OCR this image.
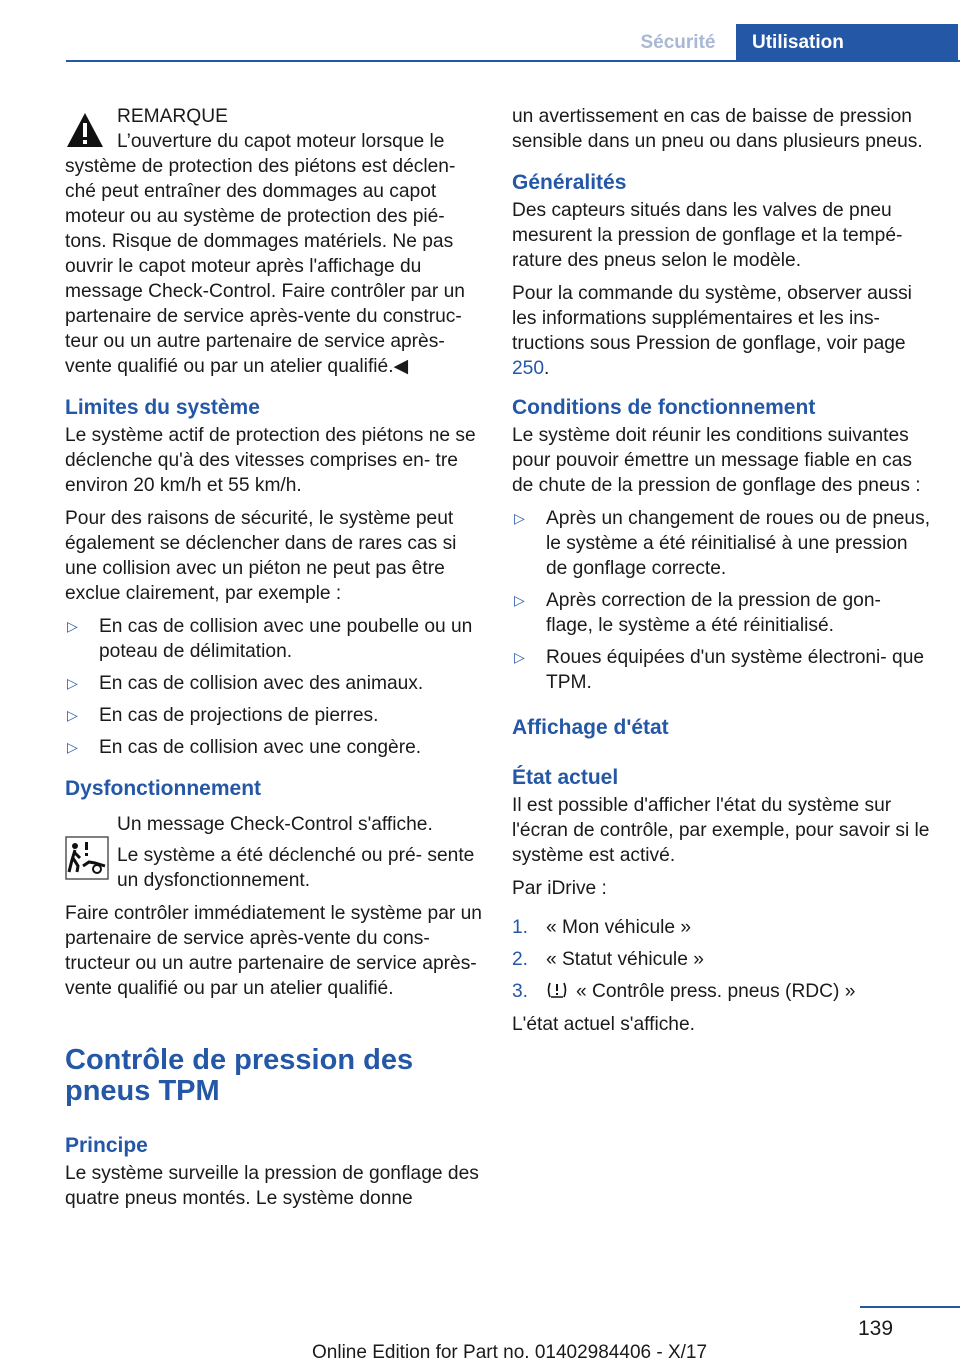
Sécurité	Utilisation

REMARQUE

L’ouverture du capot moteur lorsque le

système de protection des piétons est déclen- ché peut entraîner des dommages au capot moteur ou au système de protection des pié- tons. Risque de dommages matériels. Ne pas ouvrir le capot moteur après l'affichage du message Check-Control. Faire contrôler par un partenaire de service après-vente du construc- teur ou un autre partenaire de service après- vente qualifié ou par un atelier qualifié.◀

Limites du système

Le système actif de protection des piétons ne se déclenche qu'à des vitesses comprises en- tre environ 20 km/h et 55 km/h.

Pour des raisons de sécurité, le système peut également se déclencher dans de rares cas si une collision avec un piéton ne peut pas être exclue clairement, par exemple :

▷ En cas de collision avec une poubelle ou un poteau de délimitation.
▷ En cas de collision avec des animaux.
▷ En cas de projections de pierres.
▷ En cas de collision avec une congère.
Dysfonctionnement

Un message Check-Control s'affiche.

Le système a été déclenché ou pré- sente un dysfonctionnement.

Faire contrôler immédiatement le système par un partenaire de service après-vente du cons- tructeur ou un autre partenaire de service après-vente qualifié ou par un atelier qualifié.

Contrôle de pression des pneus TPM
Principe

Le système surveille la pression de gonflage des quatre pneus montés. Le système donne

un avertissement en cas de baisse de pression sensible dans un pneu ou dans plusieurs pneus.

Généralités

Des capteurs situés dans les valves de pneu mesurent la pression de gonflage et la tempé- rature des pneus selon le modèle.

Pour la commande du système, observer aussi les informations supplémentaires et les ins- tructions sous Pression de gonflage, voir page 250.

Conditions de fonctionnement

Le système doit réunir les conditions suivantes pour pouvoir émettre un message fiable en cas de chute de la pression de gonflage des pneus :

▷ Après un changement de roues ou de pneus, le système a été réinitialisé à une pression de gonflage correcte.
▷ Après correction de la pression de gon- flage, le système a été réinitialisé.
▷ Roues équipées d'un système électroni- que TPM.
Affichage d'état
État actuel

Il est possible d'afficher l'état du système sur l'écran de contrôle, par exemple, pour savoir si le système est activé.

Par iDrive :

1. « Mon véhicule »
2. « Statut véhicule »
3. « Contrôle press. pneus (RDC) »

L'état actuel s'affiche.

139
Online Edition for Part no. 01402984406 - X/17
